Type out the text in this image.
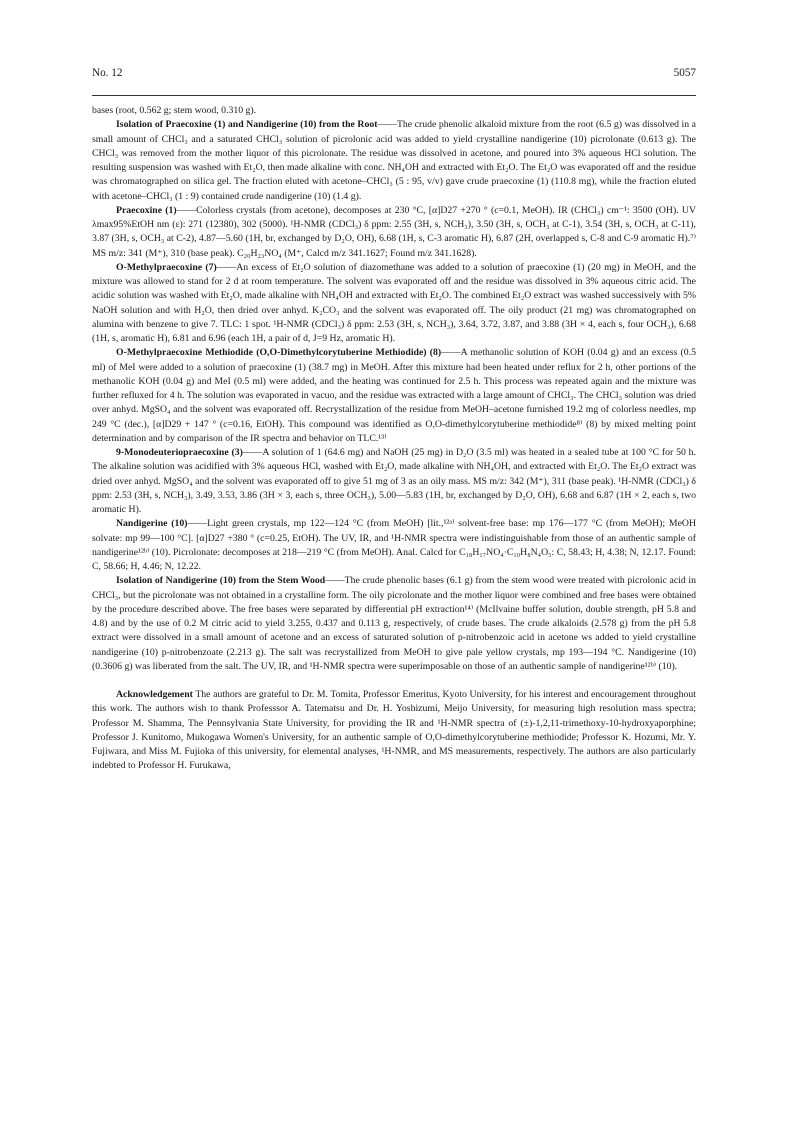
No. 12	5057

bases (root, 0.562 g; stem wood, 0.310 g).

Isolation of Praecoxine (1) and Nandigerine (10) from the Root——The crude phenolic alkaloid mixture from the root (6.5 g) was dissolved in a small amount of CHCl₃ and a saturated CHCl₃ solution of picrolonic acid was added to yield crystalline nandigerine (10) picrolonate (0.613 g). The CHCl₃ was removed from the mother liquor of this picrolonate. The residue was dissolved in acetone, and poured into 3% aqueous HCl solution. The resulting suspension was washed with Et₂O, then made alkaline with conc. NH₄OH and extracted with Et₂O. The Et₂O was evaporated off and the residue was chromatographed on silica gel. The fraction eluted with acetone–CHCl₃ (5 : 95, v/v) gave crude praecoxine (1) (110.8 mg), while the fraction eluted with acetone–CHCl₃ (1 : 9) contained crude nandigerine (10) (1.4 g).

Praecoxine (1)——Colorless crystals (from acetone), decomposes at 230 °C, [α]D27 +270 ° (c=0.1, MeOH). IR (CHCl₃) cm⁻¹: 3500 (OH). UV λmax95%EtOH nm (ε): 271 (12380), 302 (5000). ¹H-NMR (CDCl₃) δ ppm: 2.55 (3H, s, NCH₃), 3.50 (3H, s, OCH₃ at C-1), 3.54 (3H, s, OCH₃ at C-11), 3.87 (3H, s, OCH₃ at C-2), 4.87—5.60 (1H, br, exchanged by D₂O, OH), 6.68 (1H, s, C-3 aromatic H), 6.87 (2H, overlapped s, C-8 and C-9 aromatic H).⁷⁾ MS m/z: 341 (M⁺), 310 (base peak). C₂₀H₂₃NO₄ (M⁺, Calcd m/z 341.1627; Found m/z 341.1628).

O-Methylpraecoxine (7)——An excess of Et₂O solution of diazomethane was added to a solution of praecoxine (1) (20 mg) in MeOH, and the mixture was allowed to stand for 2 d at room temperature. The solvent was evaporated off and the residue was dissolved in 3% aqueous citric acid. The acidic solution was washed with Et₂O, made alkaline with NH₄OH and extracted with Et₂O. The combined Et₂O extract was washed successively with 5% NaOH solution and with H₂O, then dried over anhyd. K₂CO₃ and the solvent was evaporated off. The oily product (21 mg) was chromatographed on alumina with benzene to give 7. TLC: 1 spot. ¹H-NMR (CDCl₃) δ ppm: 2.53 (3H, s, NCH₃), 3.64, 3.72, 3.87, and 3.88 (3H × 4, each s, four OCH₃), 6.68 (1H, s, aromatic H), 6.81 and 6.96 (each 1H, a pair of d, J=9 Hz, aromatic H).

O-Methylpraecoxine Methiodide (O,O-Dimethylcorytuberine Methiodide) (8)——A methanolic solution of KOH (0.04 g) and an excess (0.5 ml) of MeI were added to a solution of praecoxine (1) (38.7 mg) in MeOH. After this mixture had been heated under reflux for 2 h, other portions of the methanolic KOH (0.04 g) and MeI (0.5 ml) were added, and the heating was continued for 2.5 h. This process was repeated again and the mixture was further refluxed for 4 h. The solution was evaporated in vacuo, and the residue was extracted with a large amount of CHCl₃. The CHCl₃ solution was dried over anhyd. MgSO₄ and the solvent was evaporated off. Recrystallization of the residue from MeOH–acetone furnished 19.2 mg of colorless needles, mp 249 °C (dec.), [α]D29 + 147 ° (c=0.16, EtOH). This compound was identified as O,O-dimethylcorytuberine methiodide⁸⁾ (8) by mixed melting point determination and by comparison of the IR spectra and behavior on TLC.¹³⁾

9-Monodeuteriopraecoxine (3)——A solution of 1 (64.6 mg) and NaOH (25 mg) in D₂O (3.5 ml) was heated in a sealed tube at 100 °C for 50 h. The alkaline solution was acidified with 3% aqueous HCl, washed with Et₂O, made alkaline with NH₄OH, and extracted with Et₂O. The Et₂O extract was dried over anhyd. MgSO₄ and the solvent was evaporated off to give 51 mg of 3 as an oily mass. MS m/z: 342 (M⁺), 311 (base peak). ¹H-NMR (CDCl₃) δ ppm: 2.53 (3H, s, NCH₃), 3.49, 3.53, 3.86 (3H × 3, each s, three OCH₃), 5.00—5.83 (1H, br, exchanged by D₂O, OH), 6.68 and 6.87 (1H × 2, each s, two aromatic H).

Nandigerine (10)——Light green crystals, mp 122—124 °C (from MeOH) [lit.,¹²ᵃ⁾ solvent-free base: mp 176—177 °C (from MeOH); MeOH solvate: mp 99—100 °C]. [α]D27 +380 ° (c=0.25, EtOH). The UV, IR, and ¹H-NMR spectra were indistinguishable from those of an authentic sample of nandigerine¹²ᵇ⁾ (10). Picrolonate: decomposes at 218—219 °C (from MeOH). Anal. Calcd for C₁₈H₁₇NO₄·C₁₀H₈N₄O₅: C, 58.43; H, 4.38; N, 12.17. Found: C, 58.66; H, 4.46; N, 12.22.

Isolation of Nandigerine (10) from the Stem Wood——The crude phenolic bases (6.1 g) from the stem wood were treated with picrolonic acid in CHCl₃, but the picrolonate was not obtained in a crystalline form. The oily picrolonate and the mother liquor were combined and free bases were obtained by the procedure described above. The free bases were separated by differential pH extraction¹⁴⁾ (McIlvaine buffer solution, double strength, pH 5.8 and 4.8) and by the use of 0.2 M citric acid to yield 3.255, 0.437 and 0.113 g, respectively, of crude bases. The crude alkaloids (2.578 g) from the pH 5.8 extract were dissolved in a small amount of acetone and an excess of saturated solution of p-nitrobenzoic acid in acetone ws added to yield crystalline nandigerine (10) p-nitrobenzoate (2.213 g). The salt was recrystallized from MeOH to give pale yellow crystals, mp 193—194 °C. Nandigerine (10) (0.3606 g) was liberated from the salt. The UV, IR, and ¹H-NMR spectra were superimposable on those of an authentic sample of nandigerine¹²ᵇ⁾ (10).

Acknowledgement The authors are grateful to Dr. M. Tomita, Professor Emeritus, Kyoto University, for his interest and encouragement throughout this work. The authors wish to thank Professsor A. Tatematsu and Dr. H. Yoshizumi, Meijo University, for measuring high resolution mass spectra; Professor M. Shamma, The Pennsylvania State University, for providing the IR and ¹H-NMR spectra of (±)-1,2,11-trimethoxy-10-hydroxyaporphine; Professor J. Kunitomo, Mukogawa Women's University, for an authentic sample of O,O-dimethylcorytuberine methiodide; Professor K. Hozumi, Mr. Y. Fujiwara, and Miss M. Fujioka of this university, for elemental analyses, ¹H-NMR, and MS measurements, respectively. The authors are also particularly indebted to Professor H. Furukawa,
